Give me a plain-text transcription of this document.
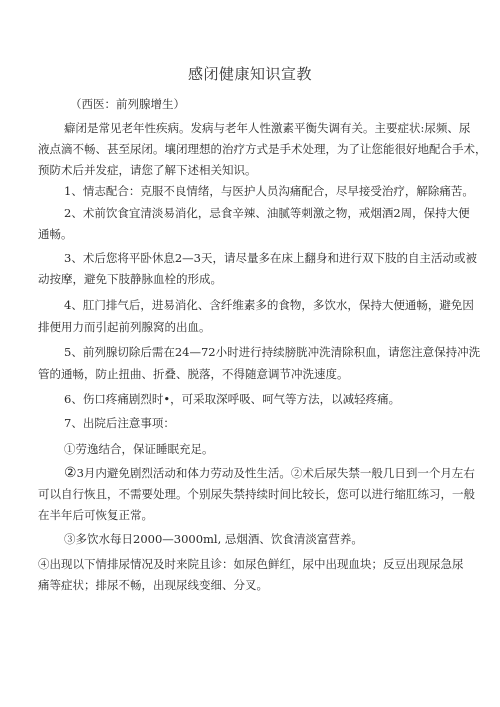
感闭健康知识宣教
（西医：前列腺增生）
癖闭是常见老年性疾病。发病与老年人性激素平衡失调有关。主要症状:尿频、尿
液点滴不畅、甚至尿闭。壤闭理想的治疗方式是手术处理，为了让您能很好地配合手术，
预防术后并发症，请您了解下述相关知识。
1、情志配合：克服不良情绪，与医护人员沟痛配合，尽早接受治疗，解除痛苦。
2、术前饮食宜清淡易消化，忌食辛辣、油腻等刺激之物，戒烟酒2周，保持大便
通畅。
3、术后您将平卧休息2—3天，请尽量多在床上翻身和进行双下肢的自主活动或被
动按摩，避免下肢静脉血栓的形成。
4、肛门排气后，进易消化、含纤维素多的食物，多饮水，保持大便通畅，避免因
排便用力而引起前列腺窝的出血。
5、前列腺切除后需在24—72小时进行持续膀胱冲洗清除积血，请您注意保持冲洗
管的通畅，防止扭曲、折叠、脱落，不得随意调节冲洗速度。
6、伤口疼痛剧烈时•，可采取深呼吸、呵气等方法，以减轻疼痛。
7、出院后注意事项：
①劳逸结合，保证睡眠充足。
②3月内避免剧烈活动和体力劳动及性生活。②术后尿失禁一般几日到一个月左右
可以自行恢且，不需要处理。个别尿失禁持续时间比较长，您可以进行缩肛练习，一般
在半年后可恢复正常。
③多饮水每日2000—3000ml, 忌烟酒、饮食清淡富营养。
④出现以下情排尿情况及时来院且诊：如尿色鲜红，尿中出现血块；反豆出现尿急尿
痛等症状；排尿不畅，出现尿线变细、分叉。
